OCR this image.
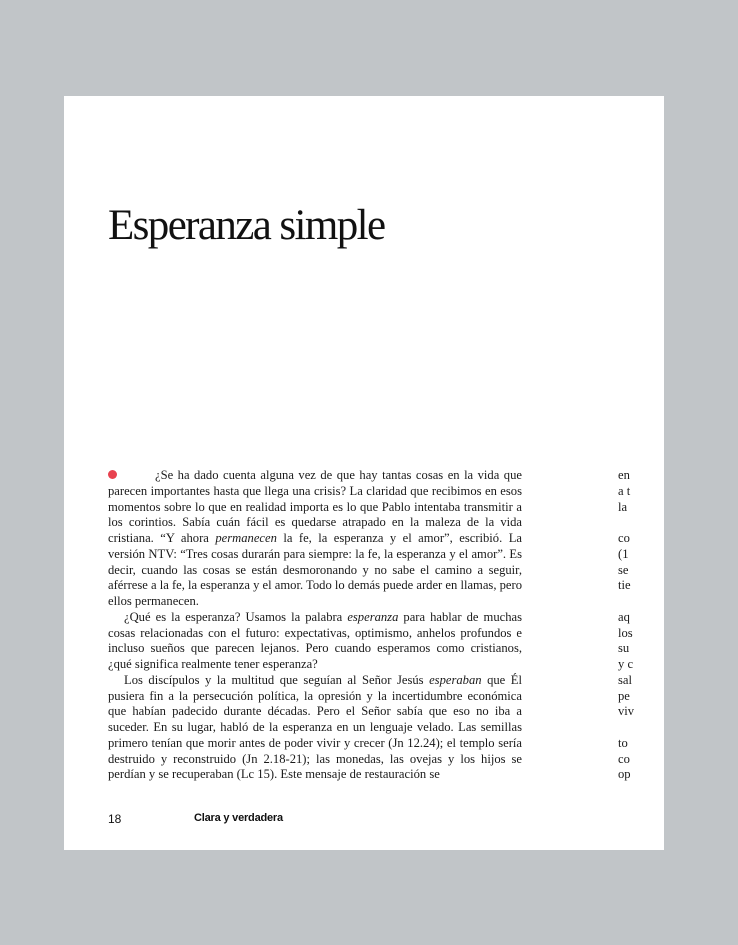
Esperanza simple

¿Se ha dado cuenta alguna vez de que hay tantas cosas en la vida que parecen importantes hasta que llega una crisis? La claridad que recibimos en esos momentos sobre lo que en realidad importa es lo que Pablo intentaba transmitir a los corintios. Sabía cuán fácil es quedarse atrapado en la maleza de la vida cristiana. “Y ahora permanecen la fe, la esperanza y el amor”, escribió. La versión NTV: “Tres cosas durarán para siempre: la fe, la esperanza y el amor”. Es decir, cuando las cosas se están desmoronando y no sabe el camino a seguir, aférrese a la fe, la esperanza y el amor. Todo lo demás puede arder en llamas, pero ellos permanecen.

¿Qué es la esperanza? Usamos la palabra esperanza para hablar de muchas cosas relacionadas con el futuro: expectativas, optimismo, anhelos profundos e incluso sueños que parecen lejanos. Pero cuando esperamos como cristianos, ¿qué significa realmente tener esperanza?

Los discípulos y la multitud que seguían al Señor Jesús esperaban que Él pusiera fin a la persecución política, la opresión y la incertidumbre económica que habían padecido durante décadas. Pero el Señor sabía que eso no iba a suceder. En su lugar, habló de la esperanza en un lenguaje velado. Las semillas primero tenían que morir antes de poder vivir y crecer (Jn 12.24); el templo sería destruido y reconstruido (Jn 2.18-21); las monedas, las ovejas y los hijos se perdían y se recuperaban (Lc 15). Este mensaje de restauración se

en
a t
la
co
(1
se
tie
aq
los
su
y c
sal
pe
viv
to
co
op
18	Clara y verdadera
